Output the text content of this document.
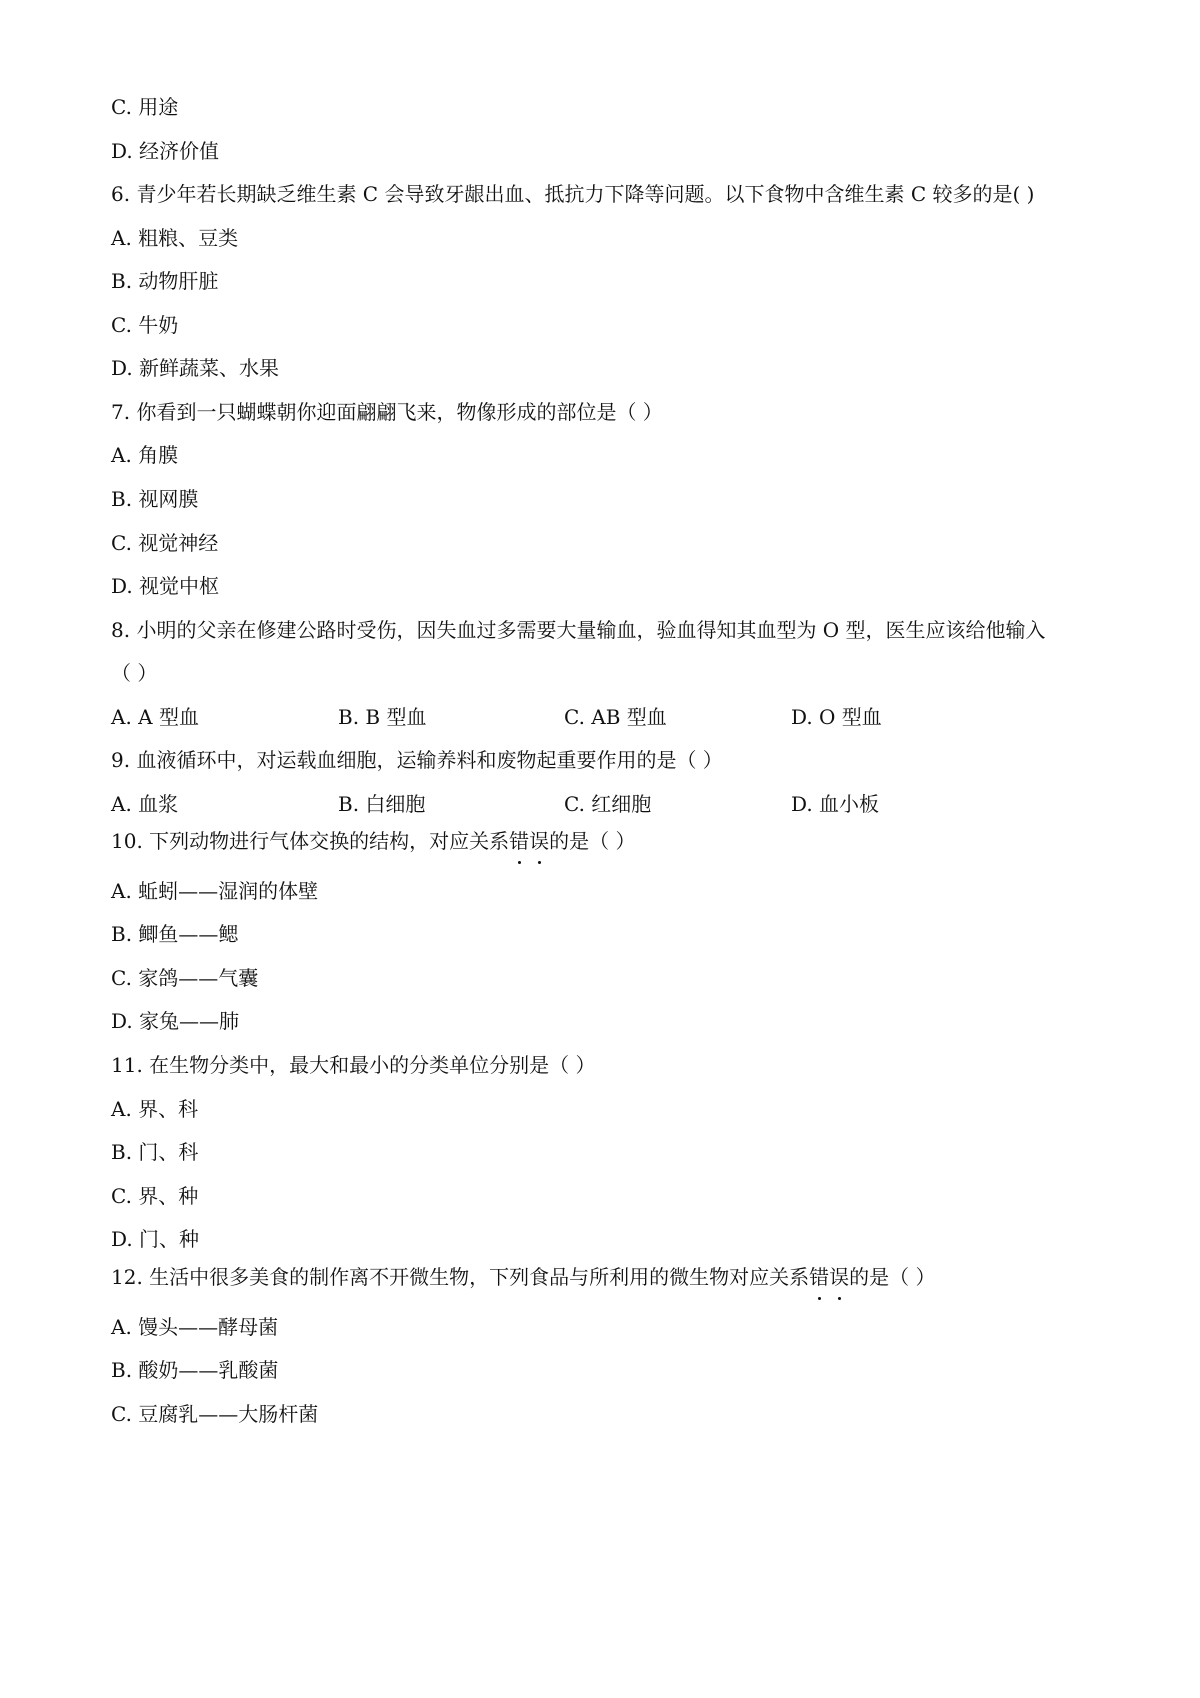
C. 用途
D. 经济价值
6. 青少年若长期缺乏维生素 C 会导致牙龈出血、抵抗力下降等问题。以下食物中含维生素 C 较多的是( )
A. 粗粮、豆类
B. 动物肝脏
C. 牛奶
D. 新鲜蔬菜、水果
7. 你看到一只蝴蝶朝你迎面翩翩飞来，物像形成的部位是（ ）
A. 角膜
B. 视网膜
C. 视觉神经
D. 视觉中枢
8. 小明的父亲在修建公路时受伤，因失血过多需要大量输血，验血得知其血型为 O 型，医生应该给他输入
（ ）
A. A 型血	B. B 型血	C. AB 型血	D. O 型血
9. 血液循环中，对运载血细胞，运输养料和废物起重要作用的是（ ）
A. 血浆	B. 白细胞	C. 红细胞	D. 血小板
10. 下列动物进行气体交换的结构，对应关系错误的是（ ）
A. 蚯蚓——湿润的体壁
B. 鲫鱼——鳃
C. 家鸽——气囊
D. 家兔——肺
11. 在生物分类中，最大和最小的分类单位分别是（ ）
A. 界、科
B. 门、科
C. 界、种
D. 门、种
12. 生活中很多美食的制作离不开微生物，下列食品与所利用的微生物对应关系错误的是（ ）
A. 馒头——酵母菌
B. 酸奶——乳酸菌
C. 豆腐乳——大肠杆菌
